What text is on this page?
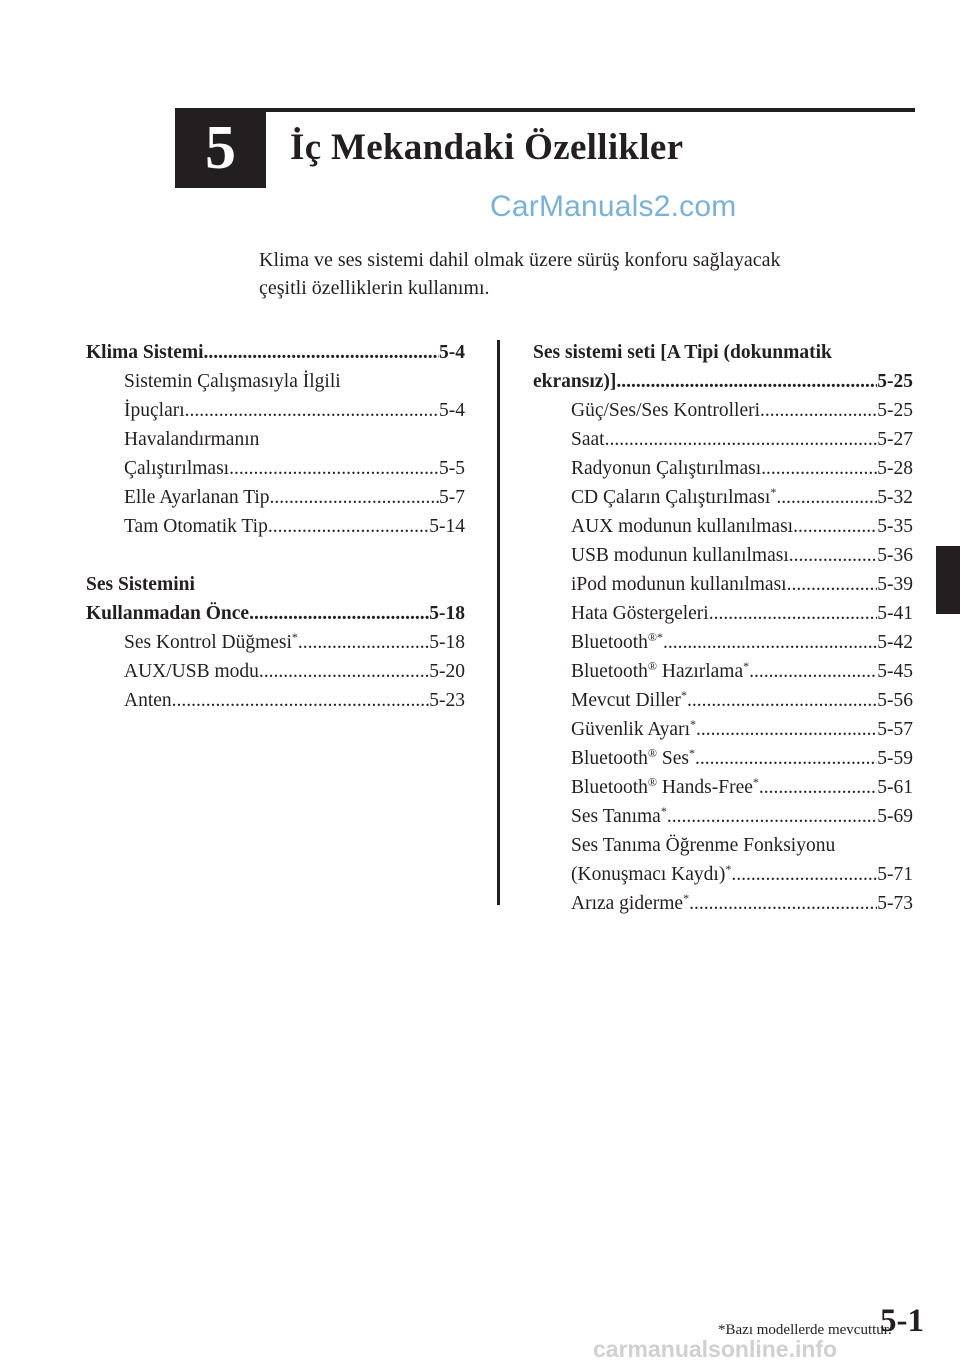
5	İç Mekandaki Özellikler
CarManuals2.com
Klima ve ses sistemi dahil olmak üzere sürüş konforu sağlayacak
çeşitli özelliklerin kullanımı.
Klima Sistemi .....	5-4
Sistemin Çalışmasıyla İlgili
İpuçları .....	5-4
Havalandırmanın
Çalıştırılması .....	5-5
Elle Ayarlanan Tip .....	5-7
Tam Otomatik Tip .....	5-14
Ses Sistemini
Kullanmadan Önce .....	5-18
Ses Kontrol Düğmesi* .....	5-18
AUX/USB modu .....	5-20
Anten .....	5-23
Ses sistemi seti [A Tipi (dokunmatik
ekransız)] .....	5-25
Güç/Ses/Ses Kontrolleri .....	5-25
Saat .....	5-27
Radyonun Çalıştırılması .....	5-28
CD Çaların Çalıştırılması* .....	5-32
AUX modunun kullanılması .....	5-35
USB modunun kullanılması .....	5-36
iPod modunun kullanılması .....	5-39
Hata Göstergeleri .....	5-41
Bluetooth®* .....	5-42
Bluetooth® Hazırlama* .....	5-45
Mevcut Diller* .....	5-56
Güvenlik Ayarı* .....	5-57
Bluetooth® Ses* .....	5-59
Bluetooth® Hands-Free* .....	5-61
Ses Tanıma* .....	5-69
Ses Tanıma Öğrenme Fonksiyonu
(Konuşmacı Kaydı)* .....	5-71
Arıza giderme* .....	5-73
*Bazı modellerde mevcuttur.
5-1
carmanualsonline.info
